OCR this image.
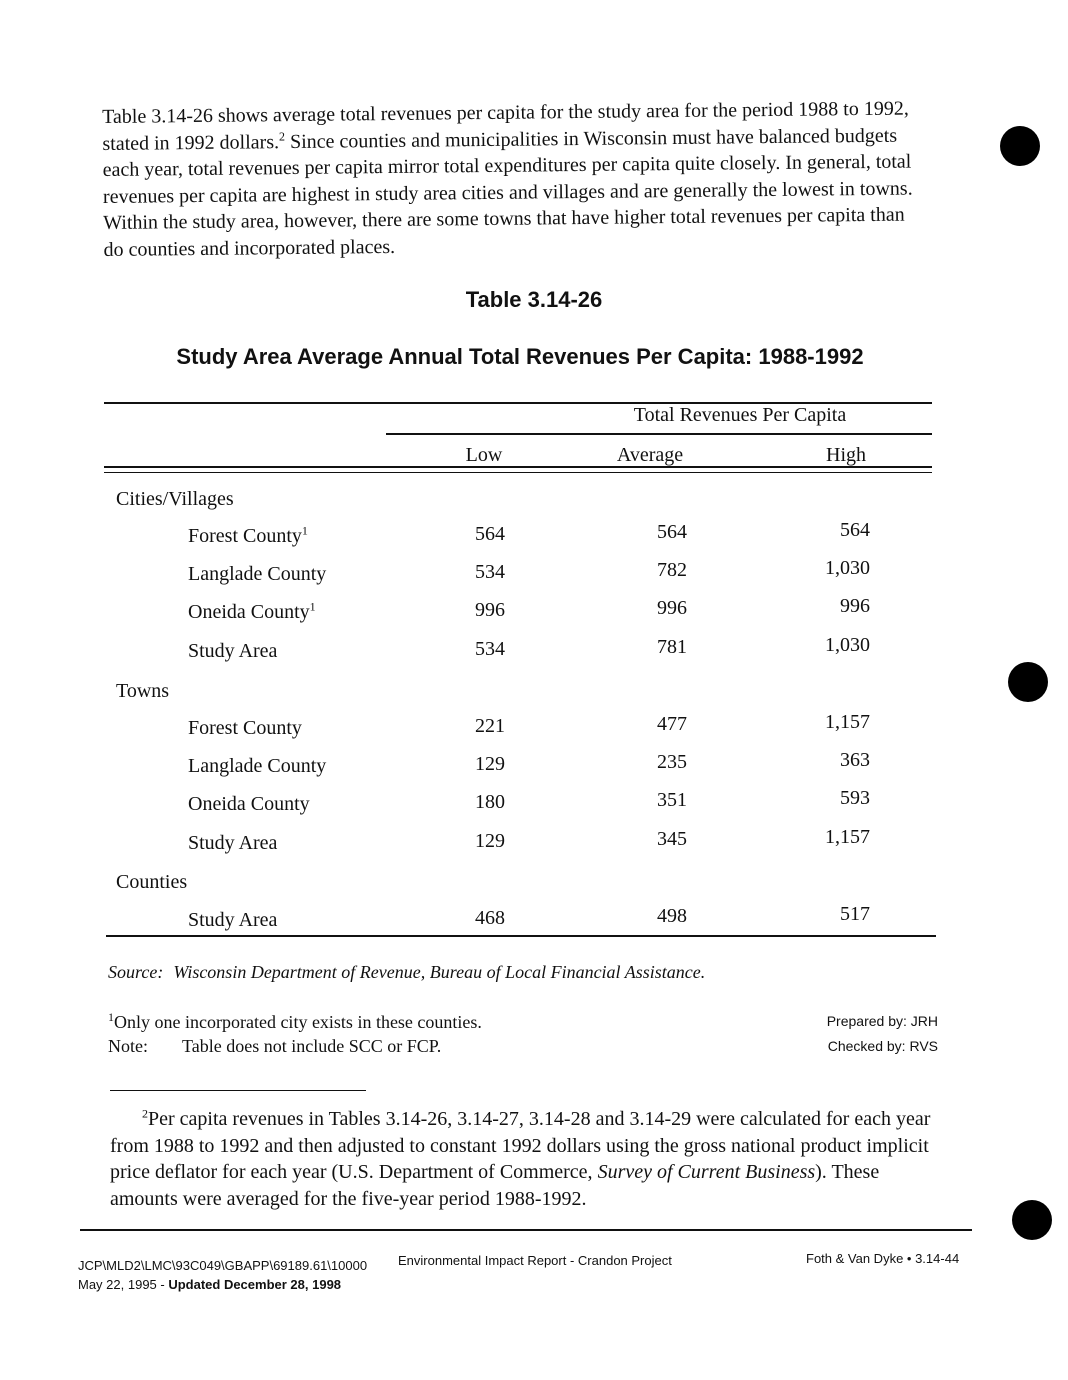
Table 3.14-26 shows average total revenues per capita for the study area for the period 1988 to 1992, stated in 1992 dollars.$^2$ Since counties and municipalities in Wisconsin must have balanced budgets each year, total revenues per capita mirror total expenditures per capita quite closely. In general, total revenues per capita are highest in study area cities and villages and are generally the lowest in towns. Within the study area, however, there are some towns that have higher total revenues per capita than do counties and incorporated places.

Table 3.14-26
Study Area Average Annual Total Revenues Per Capita: 1988-1992
Total Revenues Per Capita
Low	Average	High
Cities/Villages
Forest County$^1$	564	564	564
Langlade County	534	782	1,030
Oneida County$^1$	996	996	996
Study Area	534	781	1,030
Towns
Forest County	221	477	1,157
Langlade County	129	235	363
Oneida County	180	351	593
Study Area	129	345	1,157
Counties
Study Area	468	498	517
Source: Wisconsin Department of Revenue, Bureau of Local Financial Assistance.
$^1$Only one incorporated city exists in these counties.
Note: Table does not include SCC or FCP.
Prepared by: JRH
Checked by: RVS

$^2$Per capita revenues in Tables 3.14-26, 3.14-27, 3.14-28 and 3.14-29 were calculated for each year from 1988 to 1992 and then adjusted to constant 1992 dollars using the gross national product implicit price deflator for each year (U.S. Department of Commerce, Survey of Current Business). These amounts were averaged for the five-year period 1988-1992.

JCP\MLD2\LMC\93C049\GBAPP\69189.61\10000
May 22, 1995 - Updated December 28, 1998
Environmental Impact Report - Crandon Project	Foth & Van Dyke • 3.14-44
